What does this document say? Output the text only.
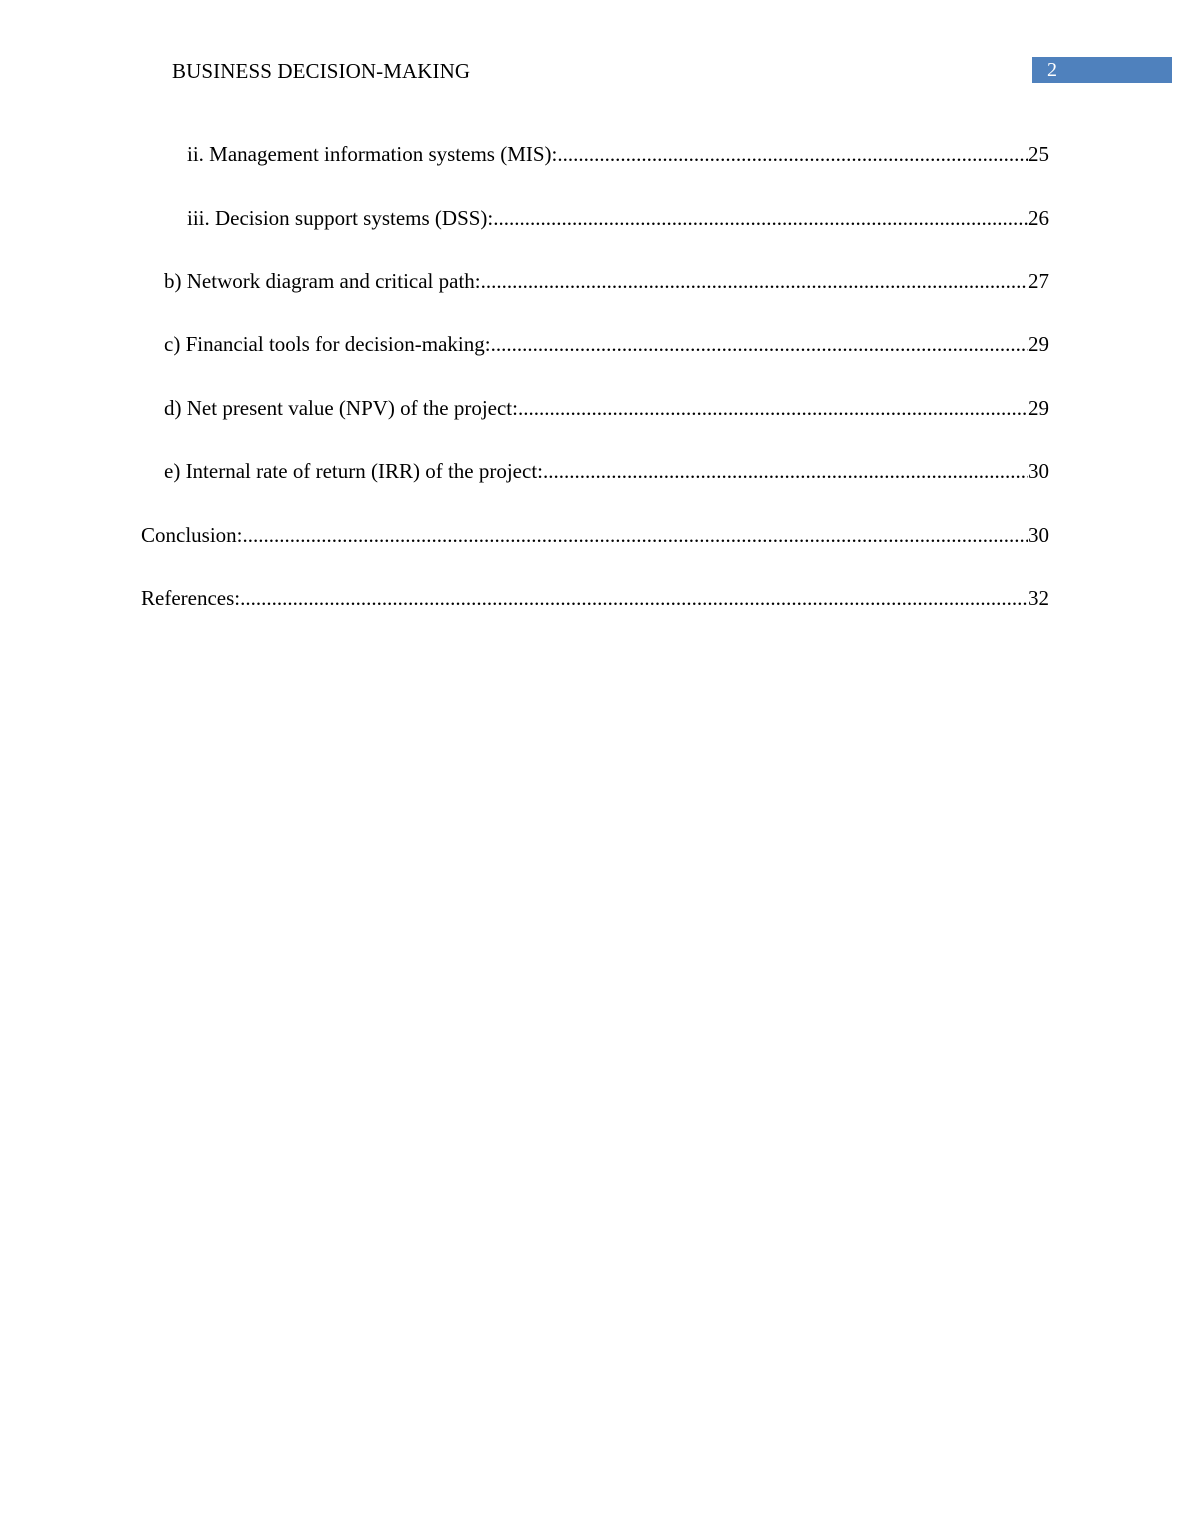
BUSINESS DECISION-MAKING	2
ii. Management information systems (MIS): .....	25
iii. Decision support systems (DSS): .....	26
b) Network diagram and critical path: .....	27
c) Financial tools for decision-making: .....	29
d) Net present value (NPV) of the project: .....	29
e) Internal rate of return (IRR) of the project: .....	30
Conclusion: .....	30
References: .....	32
